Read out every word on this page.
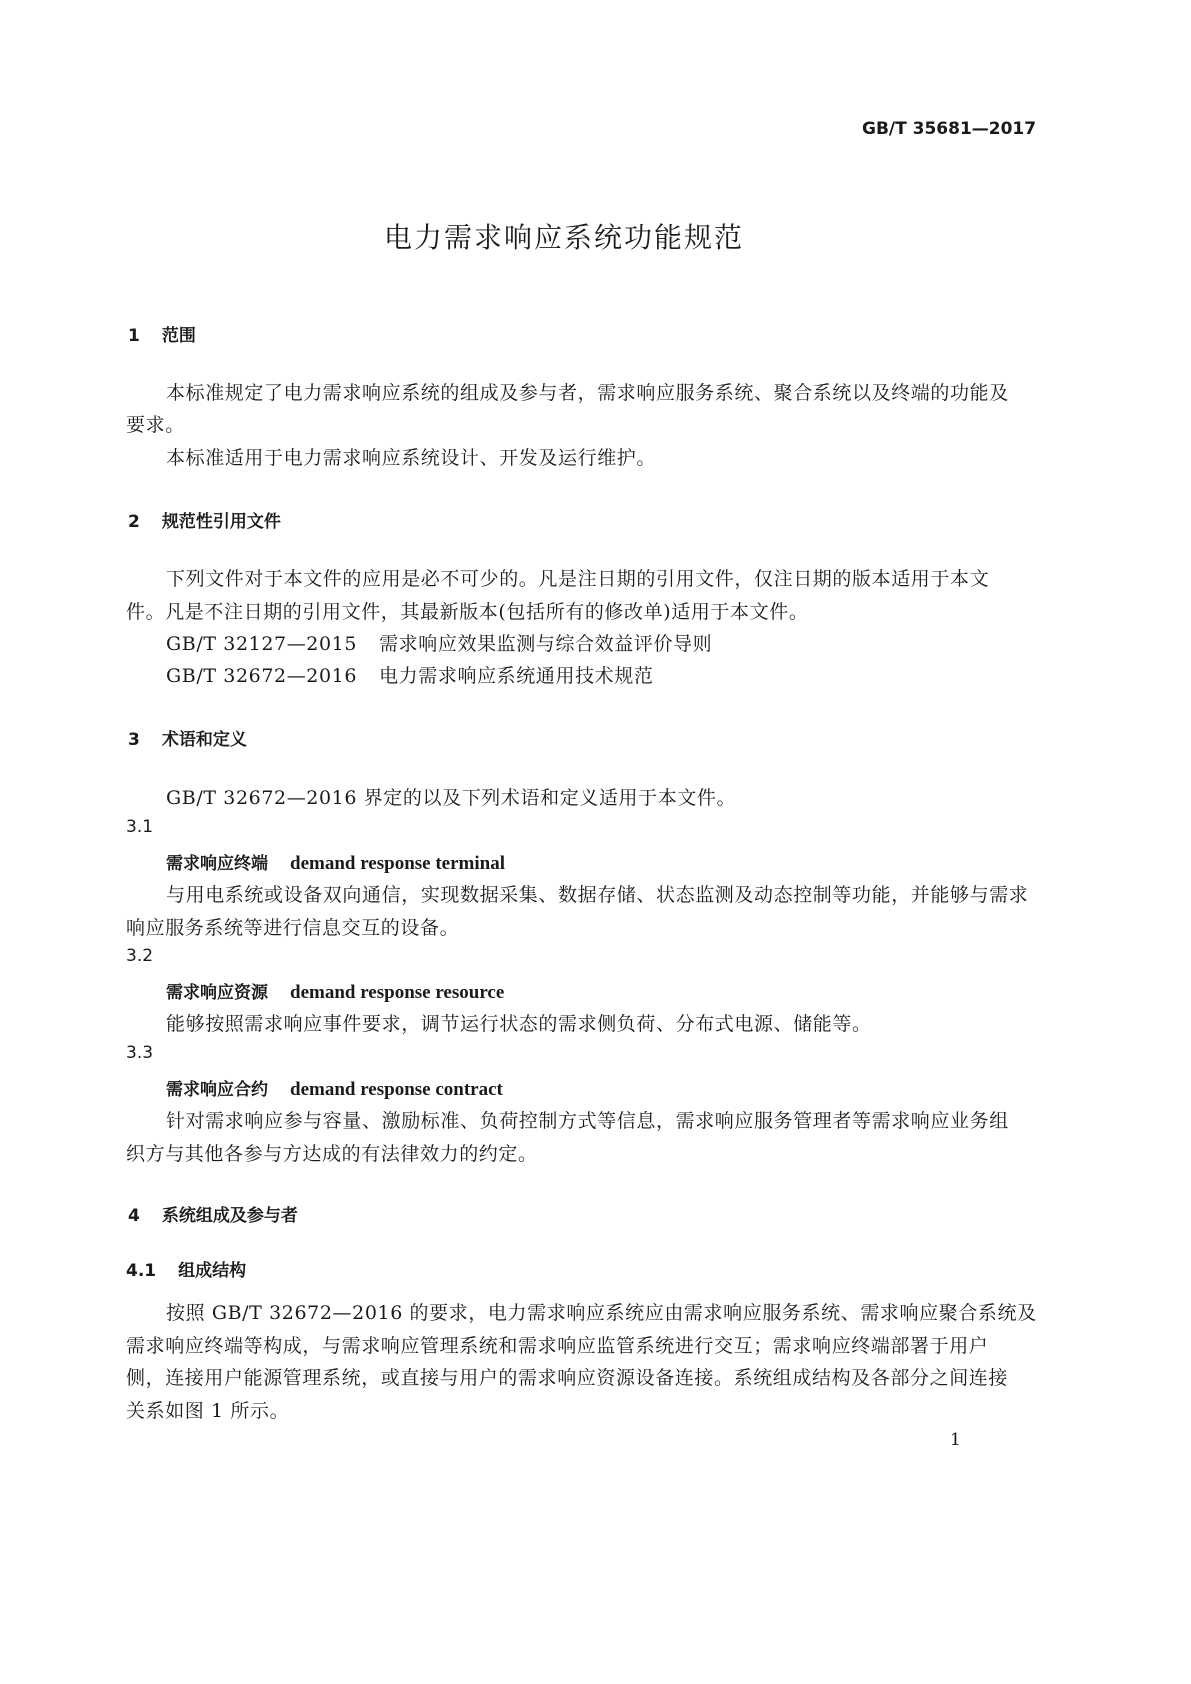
GB/T 35681—2017
电力需求响应系统功能规范
1 范围
本标准规定了电力需求响应系统的组成及参与者，需求响应服务系统、聚合系统以及终端的功能及
要求。
本标准适用于电力需求响应系统设计、开发及运行维护。
2 规范性引用文件
下列文件对于本文件的应用是必不可少的。凡是注日期的引用文件，仅注日期的版本适用于本文
件。凡是不注日期的引用文件，其最新版本(包括所有的修改单)适用于本文件。
GB/T 32127—2015 需求响应效果监测与综合效益评价导则
GB/T 32672—2016 电力需求响应系统通用技术规范
3 术语和定义
GB/T 32672—2016 界定的以及下列术语和定义适用于本文件。
3.1
需求响应终端 demand response terminal
与用电系统或设备双向通信，实现数据采集、数据存储、状态监测及动态控制等功能，并能够与需求
响应服务系统等进行信息交互的设备。
3.2
需求响应资源 demand response resource
能够按照需求响应事件要求，调节运行状态的需求侧负荷、分布式电源、储能等。
3.3
需求响应合约 demand response contract
针对需求响应参与容量、激励标准、负荷控制方式等信息，需求响应服务管理者等需求响应业务组
织方与其他各参与方达成的有法律效力的约定。
4 系统组成及参与者
4.1 组成结构
按照 GB/T 32672—2016 的要求，电力需求响应系统应由需求响应服务系统、需求响应聚合系统及
需求响应终端等构成，与需求响应管理系统和需求响应监管系统进行交互；需求响应终端部署于用户
侧，连接用户能源管理系统，或直接与用户的需求响应资源设备连接。系统组成结构及各部分之间连接
关系如图 1 所示。
1
